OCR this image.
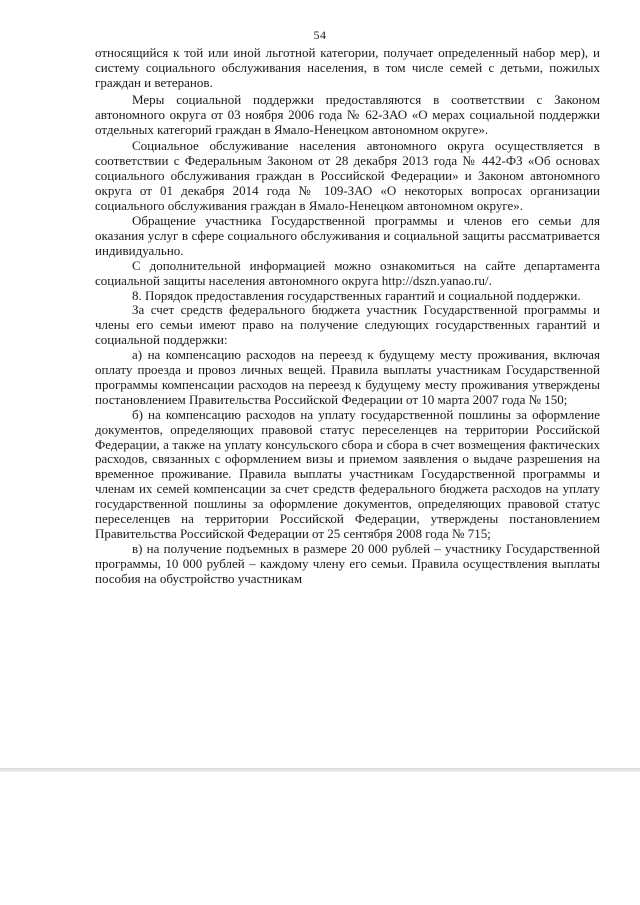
54

относящийся к той или иной льготной категории, получает определенный набор мер), и систему социального обслуживания населения, в том числе семей с детьми, пожилых граждан и ветеранов.

Меры социальной поддержки предоставляются в соответствии с Законом автономного округа от 03 ноября 2006 года № 62-ЗАО «О мерах социальной поддержки отдельных категорий граждан в Ямало-Ненецком автономном округе».

Социальное обслуживание населения автономного округа осуществляется в соответствии с Федеральным Законом от 28 декабря 2013 года № 442-ФЗ «Об основах социального обслуживания граждан в Российской Федерации» и Законом автономного округа от 01 декабря 2014 года № 109-ЗАО «О некоторых вопросах организации социального обслуживания граждан в Ямало-Ненецком автономном округе».

Обращение участника Государственной программы и членов его семьи для оказания услуг в сфере социального обслуживания и социальной защиты рассматривается индивидуально.

С дополнительной информацией можно ознакомиться на сайте департамента социальной защиты населения автономного округа http://dszn.yanao.ru/.

8. Порядок предоставления государственных гарантий и социальной поддержки.

За счет средств федерального бюджета участник Государственной программы и члены его семьи имеют право на получение следующих государственных гарантий и социальной поддержки:

а) на компенсацию расходов на переезд к будущему месту проживания, включая оплату проезда и провоз личных вещей. Правила выплаты участникам Государственной программы компенсации расходов на переезд к будущему месту проживания утверждены постановлением Правительства Российской Федерации от 10 марта 2007 года № 150;

б) на компенсацию расходов на уплату государственной пошлины за оформление документов, определяющих правовой статус переселенцев на территории Российской Федерации, а также на уплату консульского сбора и сбора в счет возмещения фактических расходов, связанных с оформлением визы и приемом заявления о выдаче разрешения на временное проживание. Правила выплаты участникам Государственной программы и членам их семей компенсации за счет средств федерального бюджета расходов на уплату государственной пошлины за оформление документов, определяющих правовой статус переселенцев на территории Российской Федерации, утверждены постановлением Правительства Российской Федерации от 25 сентября 2008 года № 715;

в) на получение подъемных в размере 20 000 рублей – участнику Государственной программы, 10 000 рублей – каждому члену его семьи. Правила осуществления выплаты пособия на обустройство участникам
